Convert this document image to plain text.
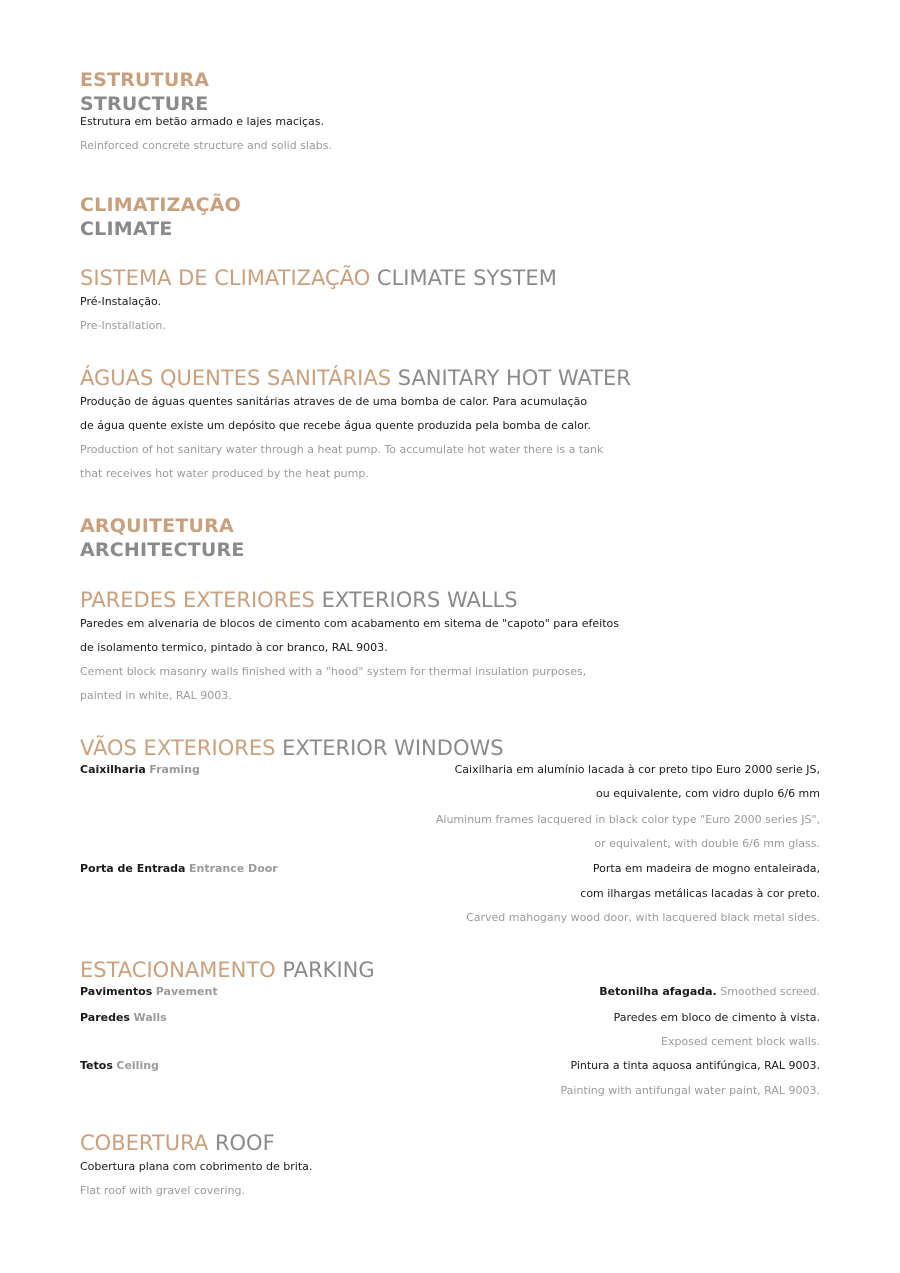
ESTRUTURA
STRUCTURE
Estrutura em betão armado e lajes maciças.
Reinforced concrete structure and solid slabs.
CLIMATIZAÇÃO
CLIMATE
SISTEMA DE CLIMATIZAÇÃO CLIMATE SYSTEM
Pré-Instalação.
Pre-Installation.
ÁGUAS QUENTES SANITÁRIAS SANITARY HOT WATER
Produção de águas quentes sanitárias atraves de de uma bomba de calor. Para acumulação
de água quente existe um depósito que recebe água quente produzida pela bomba de calor.
Production of hot sanitary water through a heat pump. To accumulate hot water there is a tank
that receives hot water produced by the heat pump.
ARQUITETURA
ARCHITECTURE
PAREDES EXTERIORES EXTERIORS WALLS
Paredes em alvenaria de blocos de cimento com acabamento em sitema de "capoto" para efeitos
de isolamento termico, pintado à cor branco, RAL 9003.
Cement block masonry walls finished with a "hood" system for thermal insulation purposes,
painted in white, RAL 9003.
VÃOS EXTERIORES EXTERIOR WINDOWS
Caixilharia Framing	Caixilharia em alumínio lacada à cor preto tipo Euro 2000 serie JS,
ou equivalente, com vidro duplo 6/6 mm
Aluminum frames lacquered in black color type "Euro 2000 series JS",
or equivalent, with double 6/6 mm glass.
Porta de Entrada Entrance Door	Porta em madeira de mogno entaleirada,
com ilhargas metálicas lacadas à cor preto.
Carved mahogany wood door, with lacquered black metal sides.
ESTACIONAMENTO PARKING
Pavimentos Pavement	Betonilha afagada. Smoothed screed.
Paredes Walls	Paredes em bloco de cimento à vista.
Exposed cement block walls.
Tetos Ceiling	Pintura a tinta aquosa antifúngica, RAL 9003.
Painting with antifungal water paint, RAL 9003.
COBERTURA ROOF
Cobertura plana com cobrimento de brita.
Flat roof with gravel covering.
